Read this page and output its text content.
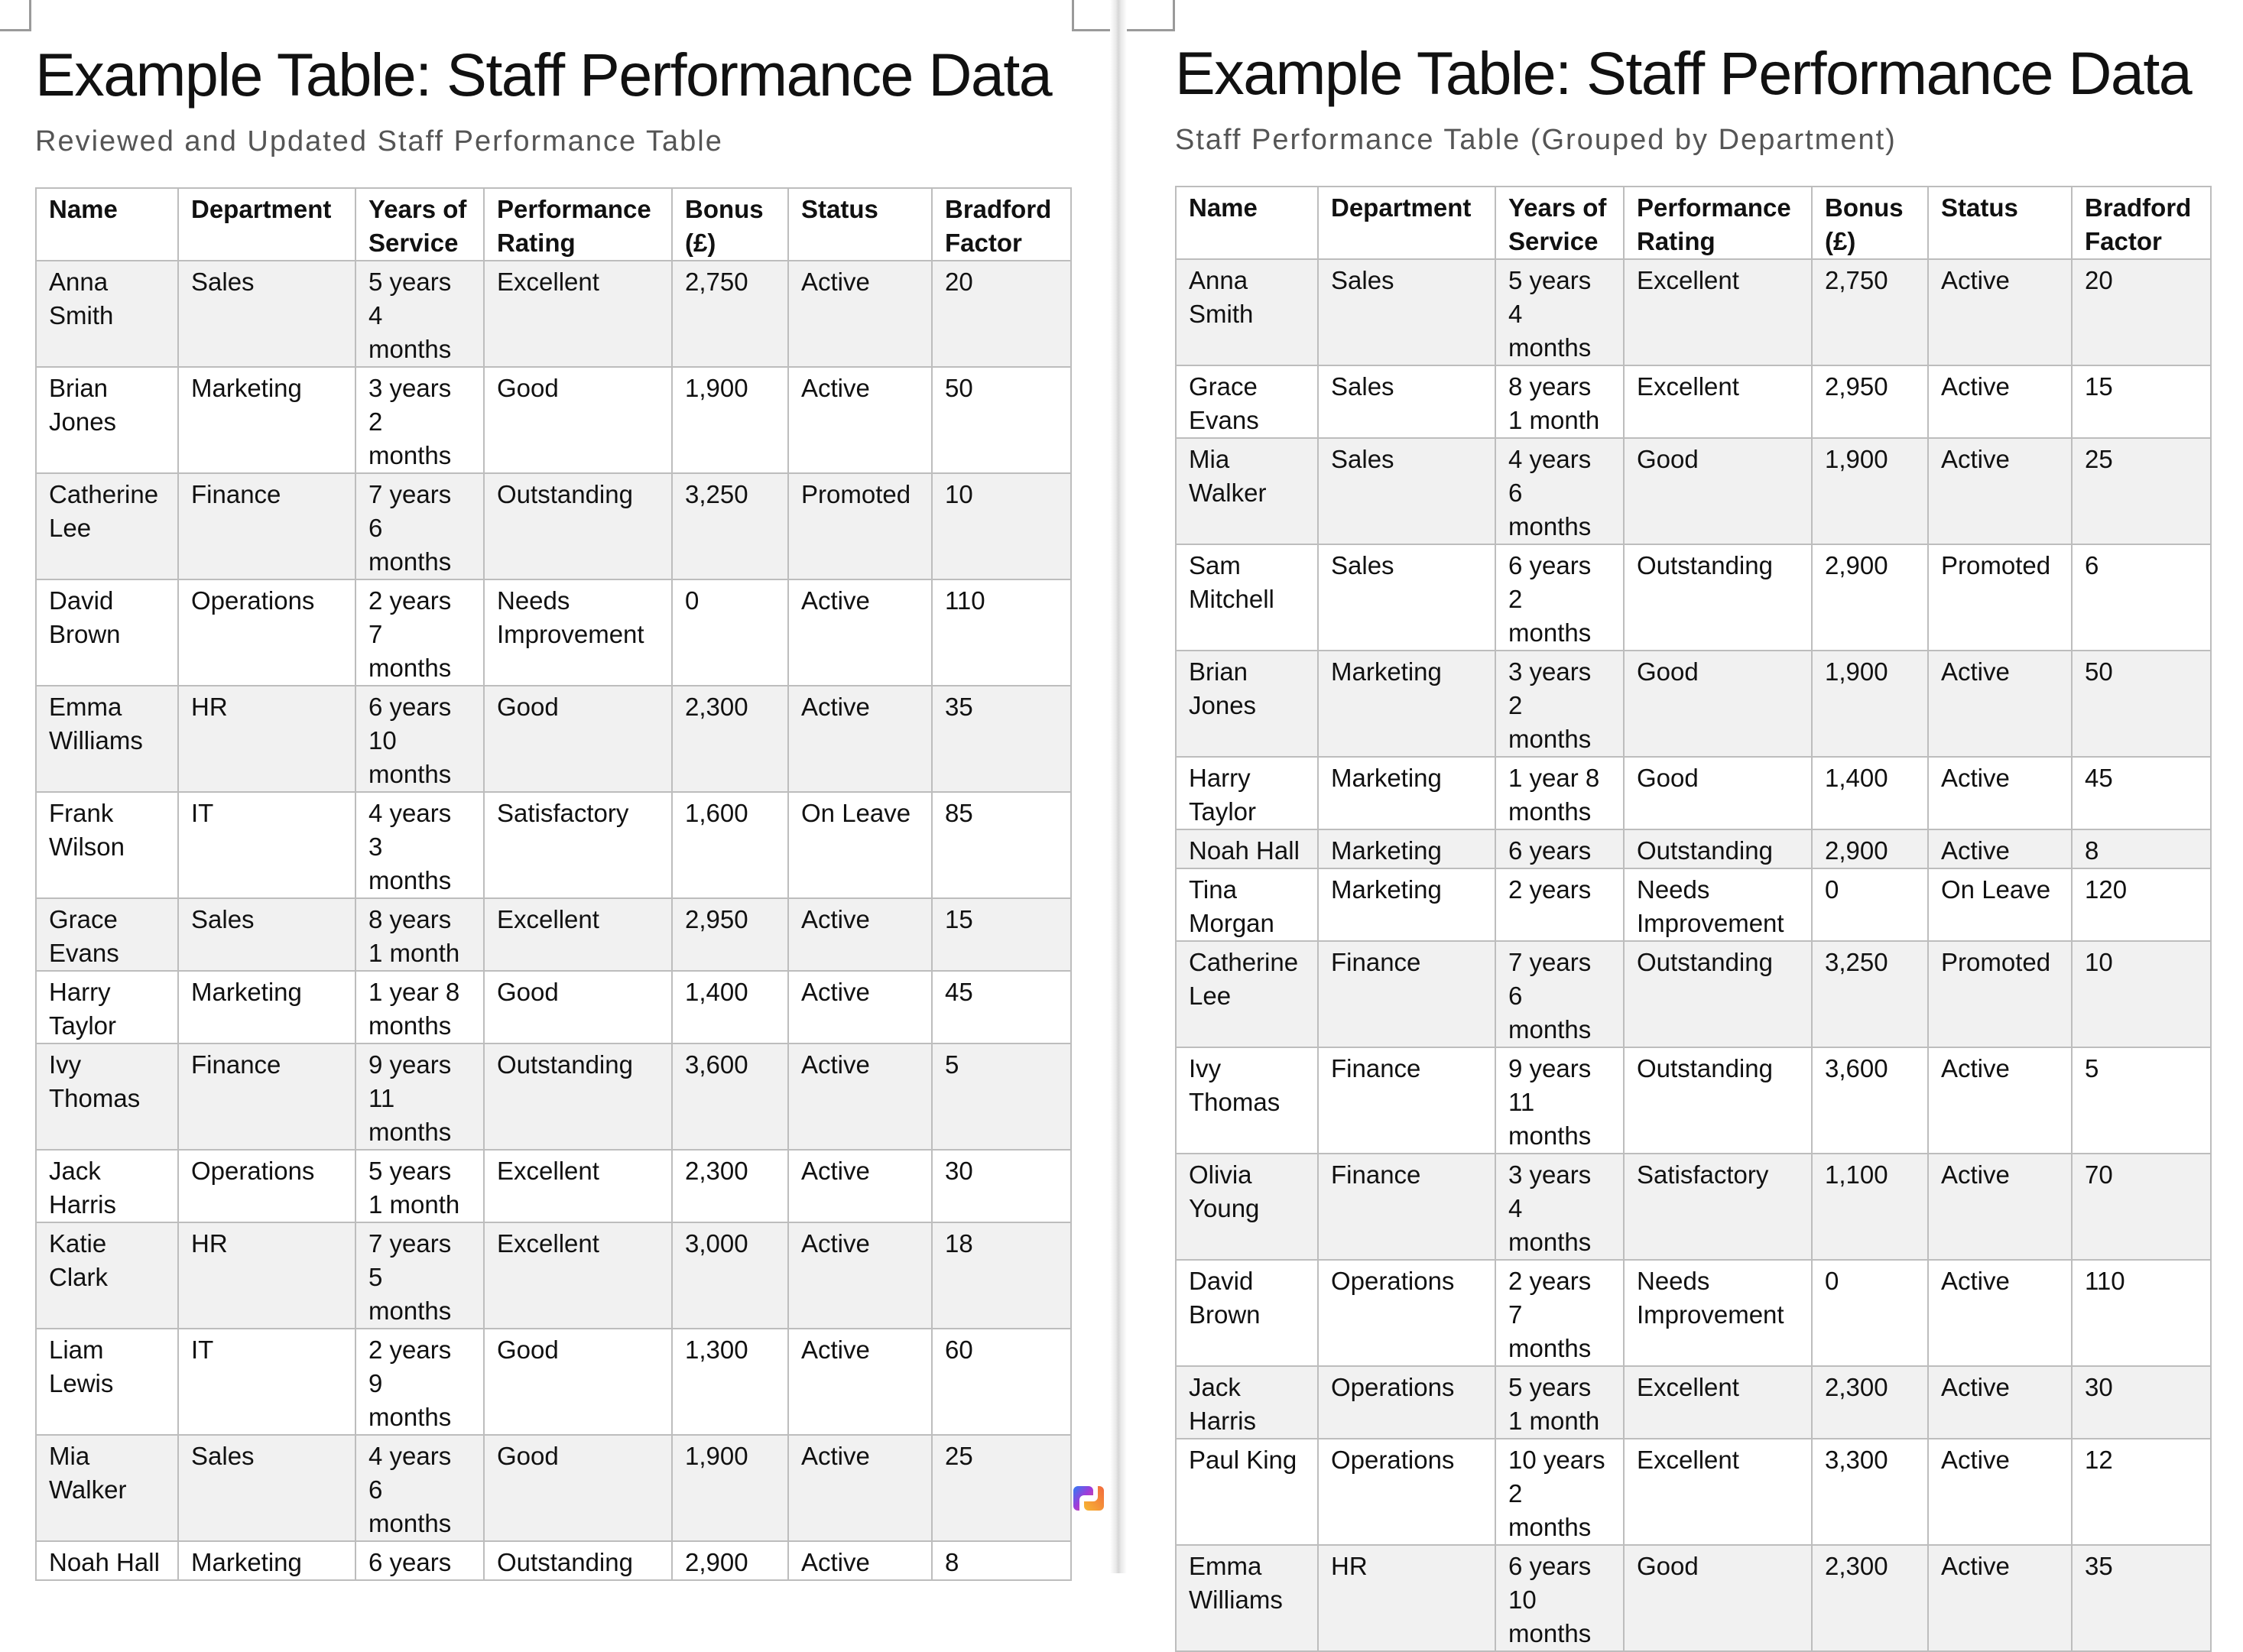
Example Table: Staff Performance Data
Reviewed and Updated Staff Performance Table
Name	Department	Years of Service	Performance Rating	Bonus (£)	Status	Bradford Factor
Anna Smith	Sales	5 years 4 months	Excellent	2,750	Active	20
Brian Jones	Marketing	3 years 2 months	Good	1,900	Active	50
Catherine Lee	Finance	7 years 6 months	Outstanding	3,250	Promoted	10
David Brown	Operations	2 years 7 months	Needs Improvement	0	Active	110
Emma Williams	HR	6 years 10 months	Good	2,300	Active	35
Frank Wilson	IT	4 years 3 months	Satisfactory	1,600	On Leave	85
Grace Evans	Sales	8 years 1 month	Excellent	2,950	Active	15
Harry Taylor	Marketing	1 year 8 months	Good	1,400	Active	45
Ivy Thomas	Finance	9 years 11 months	Outstanding	3,600	Active	5
Jack Harris	Operations	5 years 1 month	Excellent	2,300	Active	30
Katie Clark	HR	7 years 5 months	Excellent	3,000	Active	18
Liam Lewis	IT	2 years 9 months	Good	1,300	Active	60
Mia Walker	Sales	4 years 6 months	Good	1,900	Active	25
Noah Hall	Marketing	6 years	Outstanding	2,900	Active	8
Example Table: Staff Performance Data
Staff Performance Table (Grouped by Department)
Name	Department	Years of Service	Performance Rating	Bonus (£)	Status	Bradford Factor
Anna Smith	Sales	5 years 4 months	Excellent	2,750	Active	20
Grace Evans	Sales	8 years 1 month	Excellent	2,950	Active	15
Mia Walker	Sales	4 years 6 months	Good	1,900	Active	25
Sam Mitchell	Sales	6 years 2 months	Outstanding	2,900	Promoted	6
Brian Jones	Marketing	3 years 2 months	Good	1,900	Active	50
Harry Taylor	Marketing	1 year 8 months	Good	1,400	Active	45
Noah Hall	Marketing	6 years	Outstanding	2,900	Active	8
Tina Morgan	Marketing	2 years	Needs Improvement	0	On Leave	120
Catherine Lee	Finance	7 years 6 months	Outstanding	3,250	Promoted	10
Ivy Thomas	Finance	9 years 11 months	Outstanding	3,600	Active	5
Olivia Young	Finance	3 years 4 months	Satisfactory	1,100	Active	70
David Brown	Operations	2 years 7 months	Needs Improvement	0	Active	110
Jack Harris	Operations	5 years 1 month	Excellent	2,300	Active	30
Paul King	Operations	10 years 2 months	Excellent	3,300	Active	12
Emma Williams	HR	6 years 10 months	Good	2,300	Active	35
